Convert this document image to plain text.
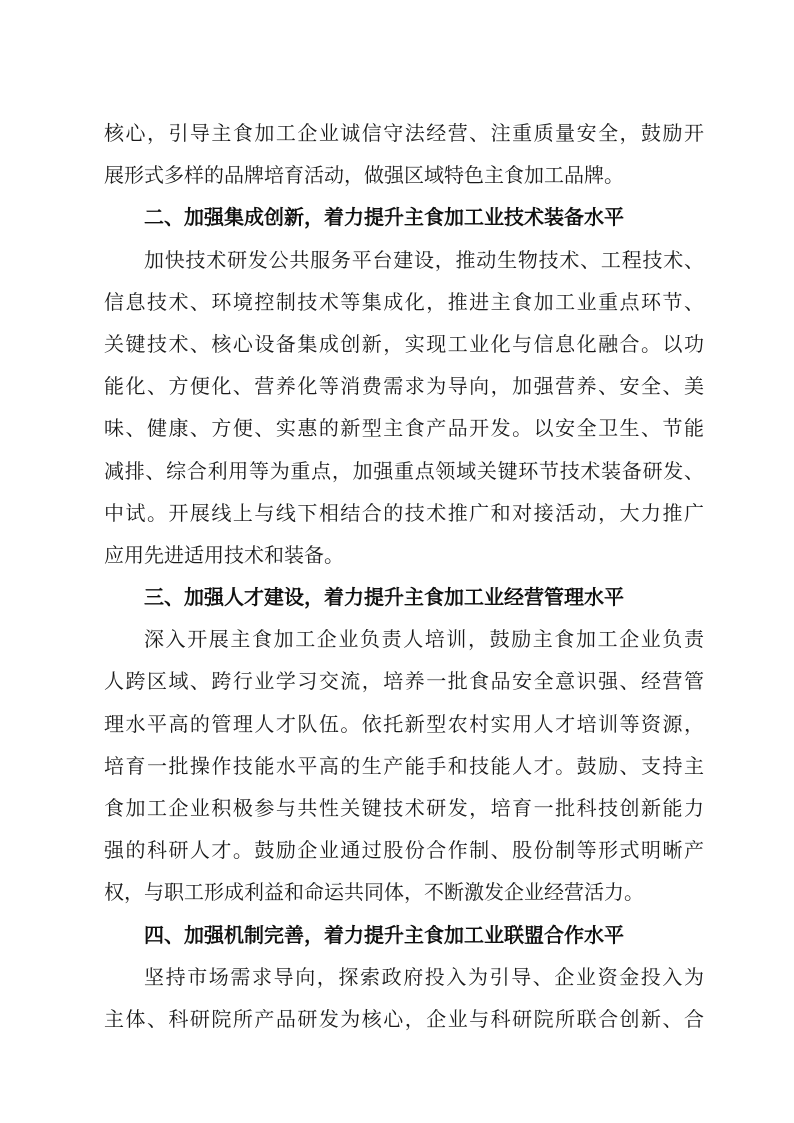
核心，引导主食加工企业诚信守法经营、注重质量安全，鼓励开
展形式多样的品牌培育活动，做强区域特色主食加工品牌。
二、加强集成创新，着力提升主食加工业技术装备水平
加快技术研发公共服务平台建设，推动生物技术、工程技术、
信息技术、环境控制技术等集成化，推进主食加工业重点环节、
关键技术、核心设备集成创新，实现工业化与信息化融合。以功
能化、方便化、营养化等消费需求为导向，加强营养、安全、美
味、健康、方便、实惠的新型主食产品开发。以安全卫生、节能
减排、综合利用等为重点，加强重点领域关键环节技术装备研发、
中试。开展线上与线下相结合的技术推广和对接活动，大力推广
应用先进适用技术和装备。
三、加强人才建设，着力提升主食加工业经营管理水平
深入开展主食加工企业负责人培训，鼓励主食加工企业负责
人跨区域、跨行业学习交流，培养一批食品安全意识强、经营管
理水平高的管理人才队伍。依托新型农村实用人才培训等资源，
培育一批操作技能水平高的生产能手和技能人才。鼓励、支持主
食加工企业积极参与共性关键技术研发，培育一批科技创新能力
强的科研人才。鼓励企业通过股份合作制、股份制等形式明晰产
权，与职工形成利益和命运共同体，不断激发企业经营活力。
四、加强机制完善，着力提升主食加工业联盟合作水平
坚持市场需求导向，探索政府投入为引导、企业资金投入为
主体、科研院所产品研发为核心，企业与科研院所联合创新、合
